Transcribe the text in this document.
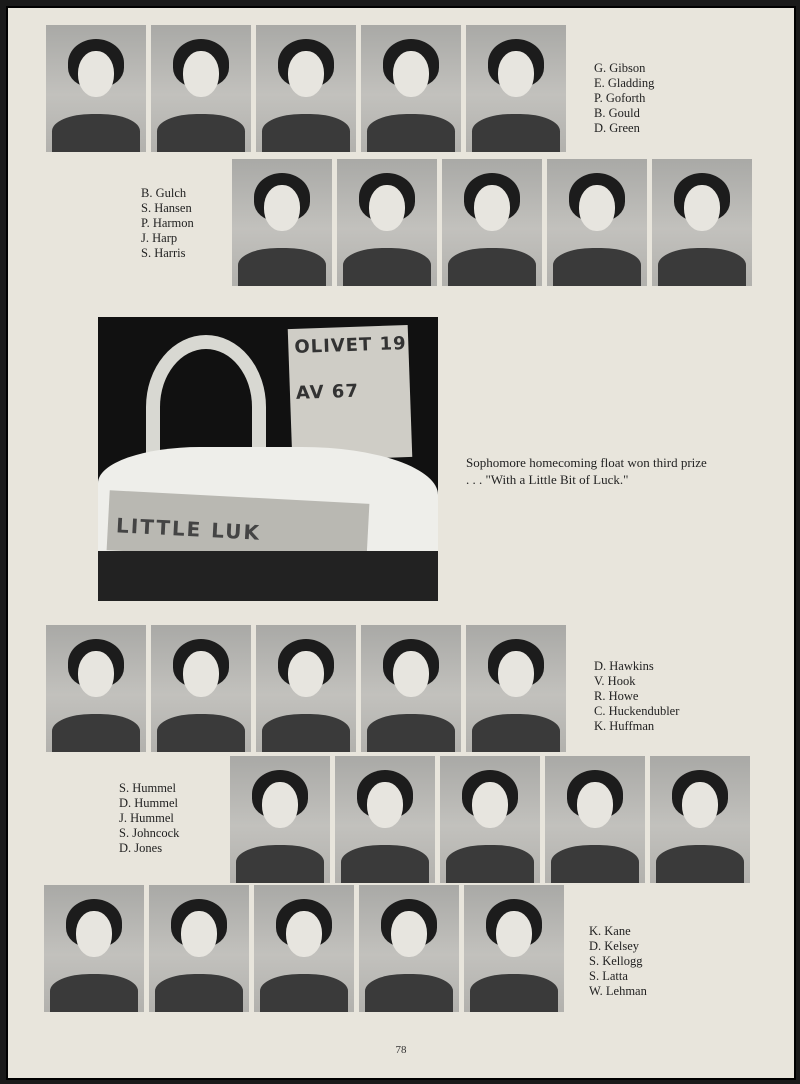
G. Gibson
E. Gladding
P. Goforth
B. Gould
D. Green
B. Gulch
S. Hansen
P. Harmon
J. Harp
S. Harris
OLIVET 19
AV 67
LITTLE LUK
Sophomore homecoming float won third prize
. . . "With a Little Bit of Luck."
D. Hawkins
V. Hook
R. Howe
C. Huckendubler
K. Huffman
S. Hummel
D. Hummel
J. Hummel
S. Johncock
D. Jones
K. Kane
D. Kelsey
S. Kellogg
S. Latta
W. Lehman
78
